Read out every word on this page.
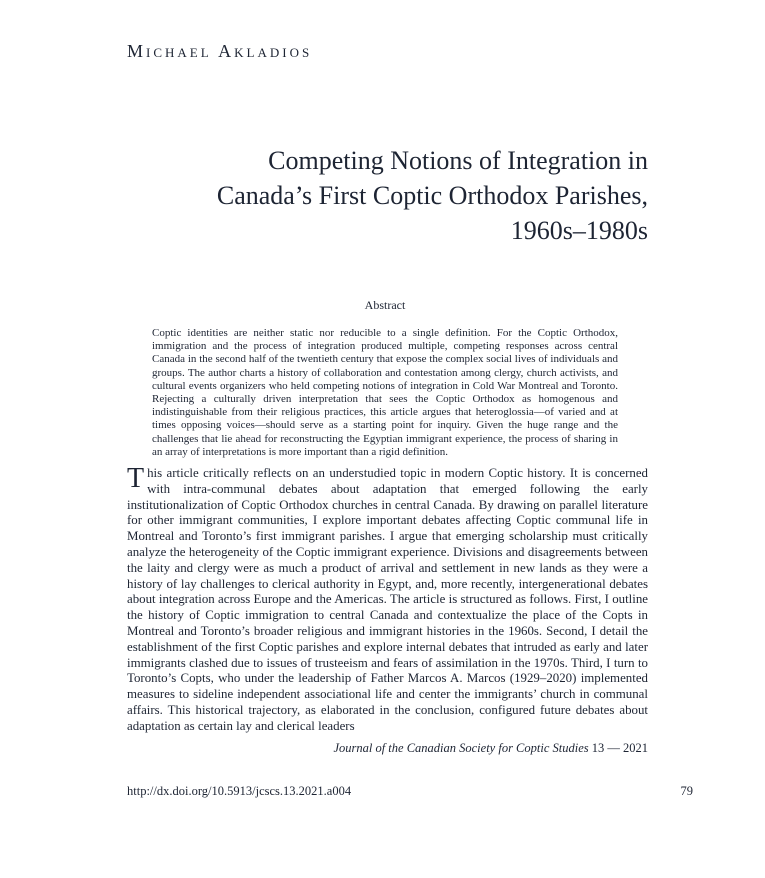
Michael Akladios
Competing Notions of Integration in
Canada’s First Coptic Orthodox Parishes,
1960s–1980s
Abstract
Coptic identities are neither static nor reducible to a single definition. For the Coptic Orthodox, immigration and the process of integration produced multiple, competing responses across central Canada in the second half of the twentieth century that expose the complex social lives of individuals and groups. The author charts a history of collaboration and contestation among clergy, church activists, and cultural events organizers who held competing notions of integration in Cold War Montreal and Toronto. Rejecting a culturally driven interpretation that sees the Coptic Orthodox as homogenous and indistinguishable from their religious practices, this article argues that heteroglossia—of varied and at times opposing voices—should serve as a starting point for inquiry. Given the huge range and the challenges that lie ahead for reconstructing the Egyptian immigrant experience, the process of sharing in an array of interpretations is more important than a rigid definition.
This article critically reflects on an understudied topic in modern Coptic history. It is concerned with intra-communal debates about adaptation that emerged following the early institutionalization of Coptic Orthodox churches in central Canada. By drawing on parallel literature for other immigrant communities, I explore important debates affecting Coptic communal life in Montreal and Toronto’s first immigrant parishes. I argue that emerging scholarship must critically analyze the heterogeneity of the Coptic immigrant experience. Divisions and disagreements between the laity and clergy were as much a product of arrival and settlement in new lands as they were a history of lay challenges to clerical authority in Egypt, and, more recently, intergenerational debates about integration across Europe and the Americas. The article is structured as follows. First, I outline the history of Coptic immigration to central Canada and contextualize the place of the Copts in Montreal and Toronto’s broader religious and immigrant histories in the 1960s. Second, I detail the establishment of the first Coptic parishes and explore internal debates that intruded as early and later immigrants clashed due to issues of trusteeism and fears of assimilation in the 1970s. Third, I turn to Toronto’s Copts, who under the leadership of Father Marcos A. Marcos (1929–2020) implemented measures to sideline independent associational life and center the immigrants’ church in communal affairs. This historical trajectory, as elaborated in the conclusion, configured future debates about adaptation as certain lay and clerical leaders
Journal of the Canadian Society for Coptic Studies 13 — 2021
http://dx.doi.org/10.5913/jcscs.13.2021.a004	79
